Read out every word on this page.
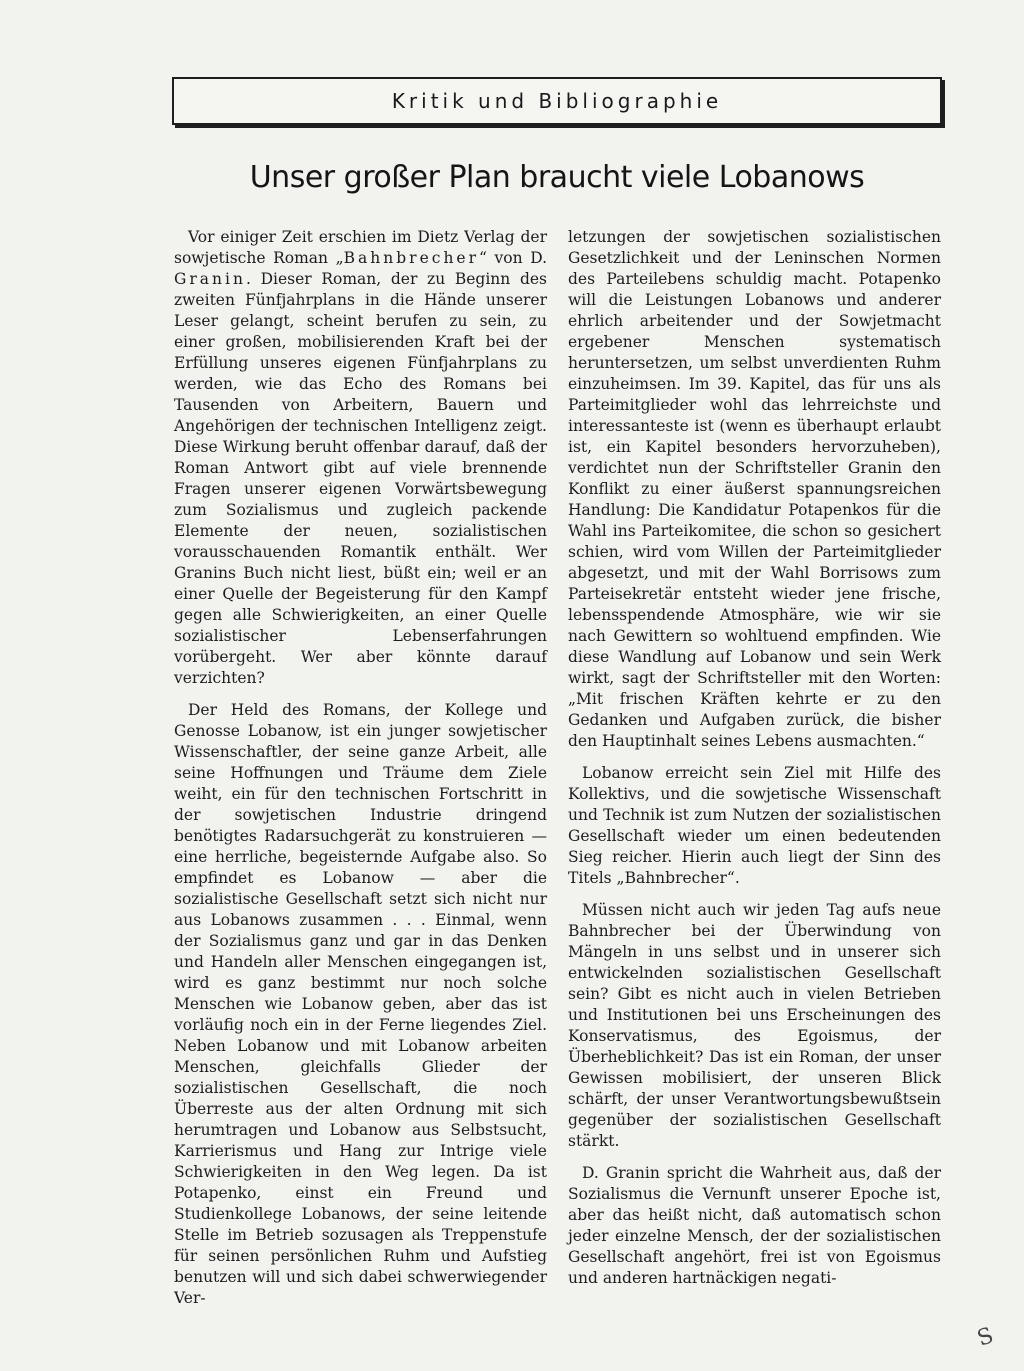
Kritik und Bibliographie
Unser großer Plan braucht viele Lobanows

Vor einiger Zeit erschien im Dietz Verlag der sowjetische Roman „Bahnbrecher“ von D. Granin. Dieser Roman, der zu Beginn des zweiten Fünfjahrplans in die Hände unserer Leser gelangt, scheint berufen zu sein, zu einer großen, mobilisierenden Kraft bei der Erfüllung unseres eigenen Fünfjahrplans zu werden, wie das Echo des Romans bei Tausenden von Arbeitern, Bauern und Angehörigen der technischen Intelligenz zeigt. Diese Wirkung beruht offenbar darauf, daß der Roman Antwort gibt auf viele brennende Fragen unserer eigenen Vorwärtsbewegung zum Sozialismus und zugleich packende Elemente der neuen, sozialistischen vorausschauenden Romantik enthält. Wer Granins Buch nicht liest, büßt ein; weil er an einer Quelle der Begeisterung für den Kampf gegen alle Schwierigkeiten, an einer Quelle sozialistischer Lebenserfahrungen vorübergeht. Wer aber könnte darauf verzichten?

Der Held des Romans, der Kollege und Genosse Lobanow, ist ein junger sowjetischer Wissenschaftler, der seine ganze Arbeit, alle seine Hoffnungen und Träume dem Ziele weiht, ein für den technischen Fortschritt in der sowjetischen Industrie dringend benötigtes Radarsuchgerät zu konstruieren — eine herrliche, begeisternde Aufgabe also. So empfindet es Lobanow — aber die sozialistische Gesellschaft setzt sich nicht nur aus Lobanows zusammen . . . Einmal, wenn der Sozialismus ganz und gar in das Denken und Handeln aller Menschen eingegangen ist, wird es ganz bestimmt nur noch solche Menschen wie Lobanow geben, aber das ist vorläufig noch ein in der Ferne liegendes Ziel. Neben Lobanow und mit Lobanow arbeiten Menschen, gleichfalls Glieder der sozialistischen Gesellschaft, die noch Überreste aus der alten Ordnung mit sich herumtragen und Lobanow aus Selbstsucht, Karrierismus und Hang zur Intrige viele Schwierigkeiten in den Weg legen. Da ist Potapenko, einst ein Freund und Studienkollege Lobanows, der seine leitende Stelle im Betrieb sozusagen als Treppenstufe für seinen persönlichen Ruhm und Aufstieg benutzen will und sich dabei schwerwiegender Ver-

letzungen der sowjetischen sozialistischen Gesetzlichkeit und der Leninschen Normen des Parteilebens schuldig macht. Potapenko will die Leistungen Lobanows und anderer ehrlich arbeitender und der Sowjetmacht ergebener Menschen systematisch heruntersetzen, um selbst unverdienten Ruhm einzuheimsen. Im 39. Kapitel, das für uns als Parteimitglieder wohl das lehrreichste und interessanteste ist (wenn es überhaupt erlaubt ist, ein Kapitel besonders hervorzuheben), verdichtet nun der Schriftsteller Granin den Konflikt zu einer äußerst spannungsreichen Handlung: Die Kandidatur Potapenkos für die Wahl ins Parteikomitee, die schon so gesichert schien, wird vom Willen der Parteimitglieder abgesetzt, und mit der Wahl Borrisows zum Parteisekretär entsteht wieder jene frische, lebensspendende Atmosphäre, wie wir sie nach Gewittern so wohltuend empfinden. Wie diese Wandlung auf Lobanow und sein Werk wirkt, sagt der Schriftsteller mit den Worten: „Mit frischen Kräften kehrte er zu den Gedanken und Aufgaben zurück, die bisher den Hauptinhalt seines Lebens ausmachten.“

Lobanow erreicht sein Ziel mit Hilfe des Kollektivs, und die sowjetische Wissenschaft und Technik ist zum Nutzen der sozialistischen Gesellschaft wieder um einen bedeutenden Sieg reicher. Hierin auch liegt der Sinn des Titels „Bahnbrecher“.

Müssen nicht auch wir jeden Tag aufs neue Bahnbrecher bei der Überwindung von Mängeln in uns selbst und in unserer sich entwickelnden sozialistischen Gesellschaft sein? Gibt es nicht auch in vielen Betrieben und Institutionen bei uns Erscheinungen des Konservatismus, des Egoismus, der Überheblichkeit? Das ist ein Roman, der unser Gewissen mobilisiert, der unseren Blick schärft, der unser Verantwortungsbewußtsein gegenüber der sozialistischen Gesellschaft stärkt.

D. Granin spricht die Wahrheit aus, daß der Sozialismus die Vernunft unserer Epoche ist, aber das heißt nicht, daß automatisch schon jeder einzelne Mensch, der der sozialistischen Gesellschaft angehört, frei ist von Egoismus und anderen hartnäckigen negati-

S
